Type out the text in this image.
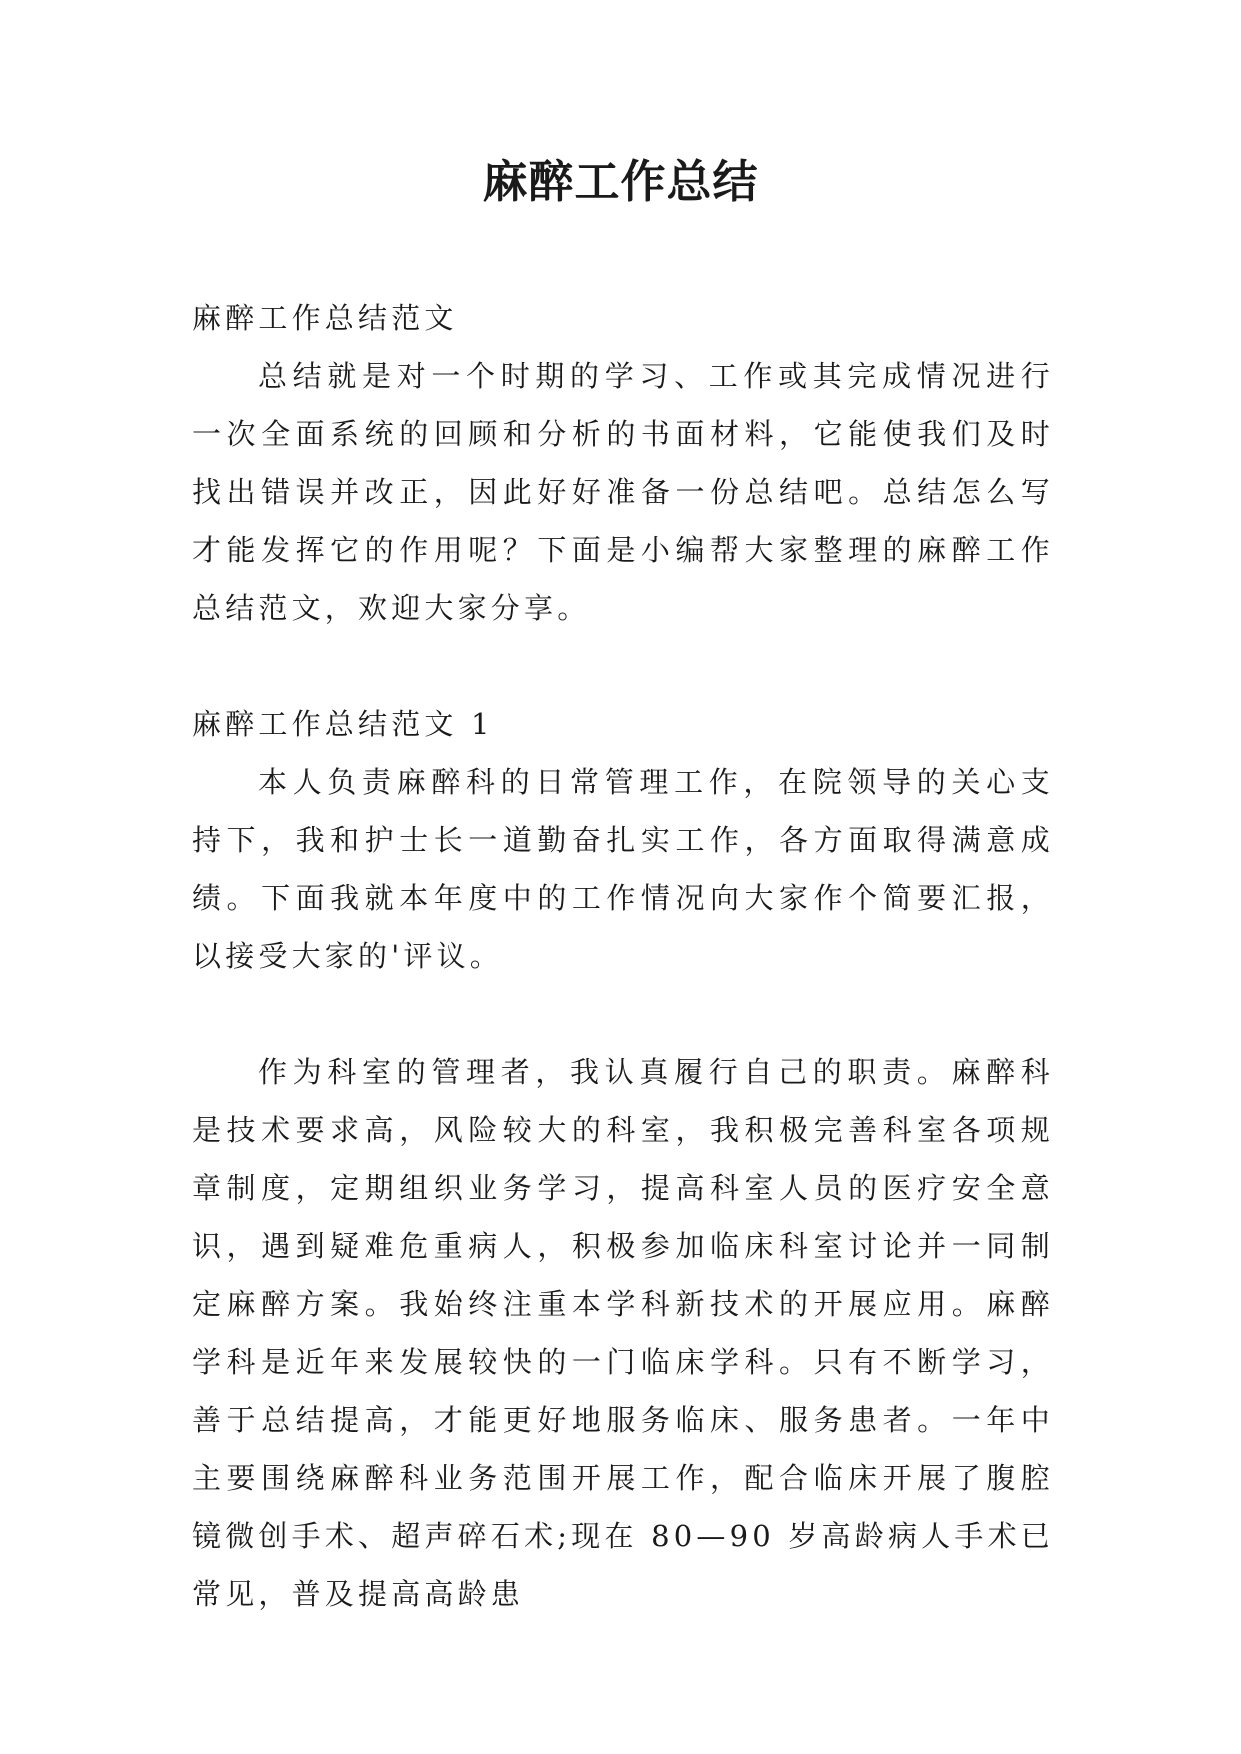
麻醉工作总结

麻醉工作总结范文

总结就是对一个时期的学习、工作或其完成情况进行一次全面系统的回顾和分析的书面材料，它能使我们及时找出错误并改正，因此好好准备一份总结吧。总结怎么写才能发挥它的作用呢？下面是小编帮大家整理的麻醉工作总结范文，欢迎大家分享。

麻醉工作总结范文 1

本人负责麻醉科的日常管理工作，在院领导的关心支持下，我和护士长一道勤奋扎实工作，各方面取得满意成绩。下面我就本年度中的工作情况向大家作个简要汇报，以接受大家的'评议。

作为科室的管理者，我认真履行自己的职责。麻醉科是技术要求高，风险较大的科室，我积极完善科室各项规章制度，定期组织业务学习，提高科室人员的医疗安全意识，遇到疑难危重病人，积极参加临床科室讨论并一同制定麻醉方案。我始终注重本学科新技术的开展应用。麻醉学科是近年来发展较快的一门临床学科。只有不断学习，善于总结提高，才能更好地服务临床、服务患者。一年中主要围绕麻醉科业务范围开展工作，配合临床开展了腹腔镜微创手术、超声碎石术;现在 80—90 岁高龄病人手术已常见，普及提高高龄患
